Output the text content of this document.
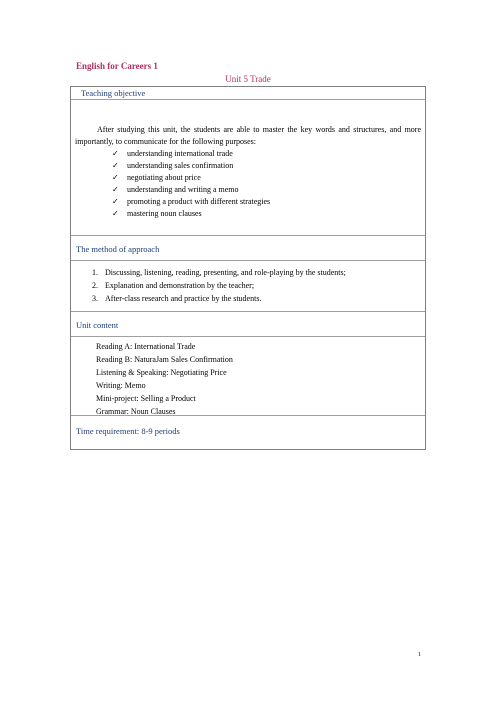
English for Careers 1
Unit 5 Trade
Teaching objective

After studying this unit, the students are able to master the key words and structures, and more importantly, to communicate for the following purposes:

✓ understanding international trade
✓ understanding sales confirmation
✓ negotiating about price
✓ understanding and writing a memo
✓ promoting a product with different strategies
✓ mastering noun clauses
The method of approach
1. Discussing, listening, reading, presenting, and role-playing by the students;
2. Explanation and demonstration by the teacher;
3. After-class research and practice by the students.
Unit content
Reading A: International Trade
Reading B: NaturaJam Sales Confirmation
Listening & Speaking: Negotiating Price
Writing: Memo
Mini-project: Selling a Product
Grammar: Noun Clauses
Time requirement: 8-9 periods
1
